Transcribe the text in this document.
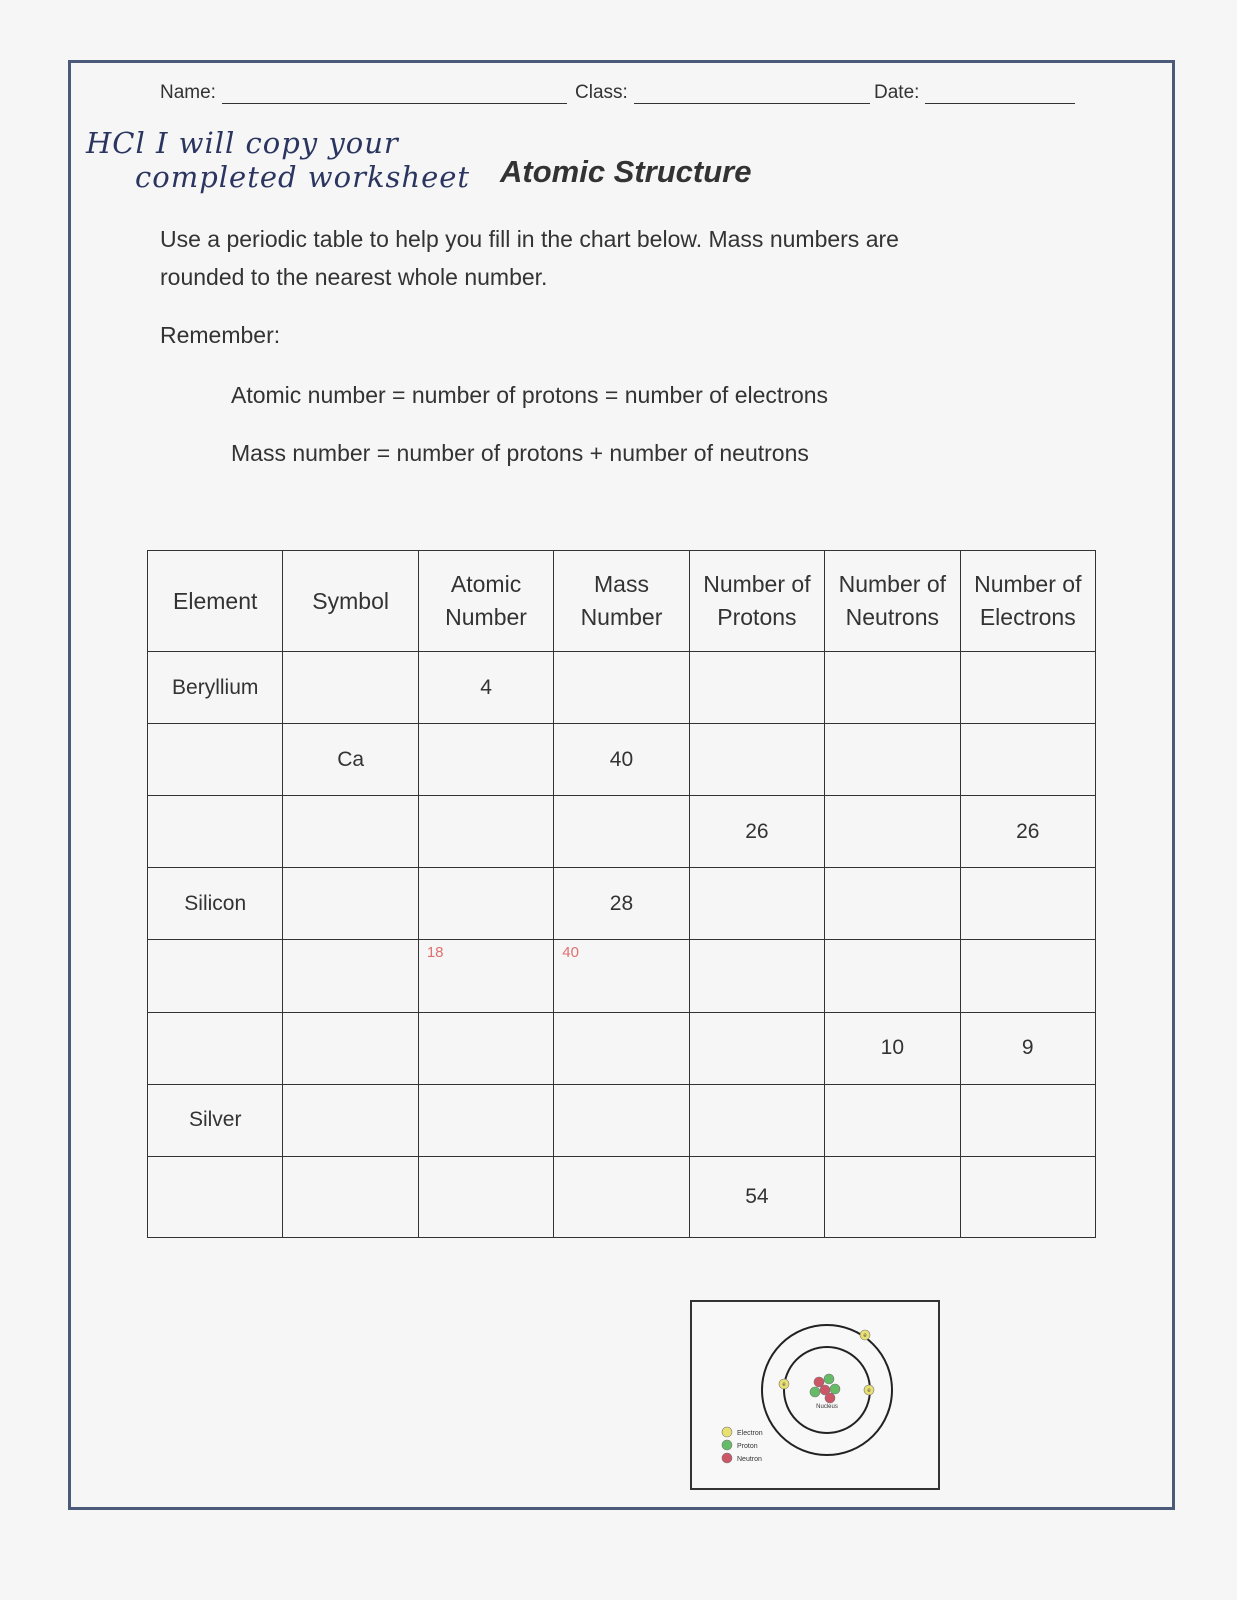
Name:	Class:	Date:
HCl I will copy your
completed worksheet Atomic Structure
Use a periodic table to help you fill in the chart below. Mass numbers are
rounded to the nearest whole number.
Remember:
Atomic number = number of protons = number of electrons
Mass number = number of protons + number of neutrons
Element	Symbol	Atomic Number	Mass Number	Number of Protons	Number of Neutrons	Number of Electrons
Beryllium		4				
	Ca		40			
				26		26
Silicon			28			

		18	40			

					10	9
Silver						
				54		
Nucleus
e
e
e
Electron
Proton
Neutron
